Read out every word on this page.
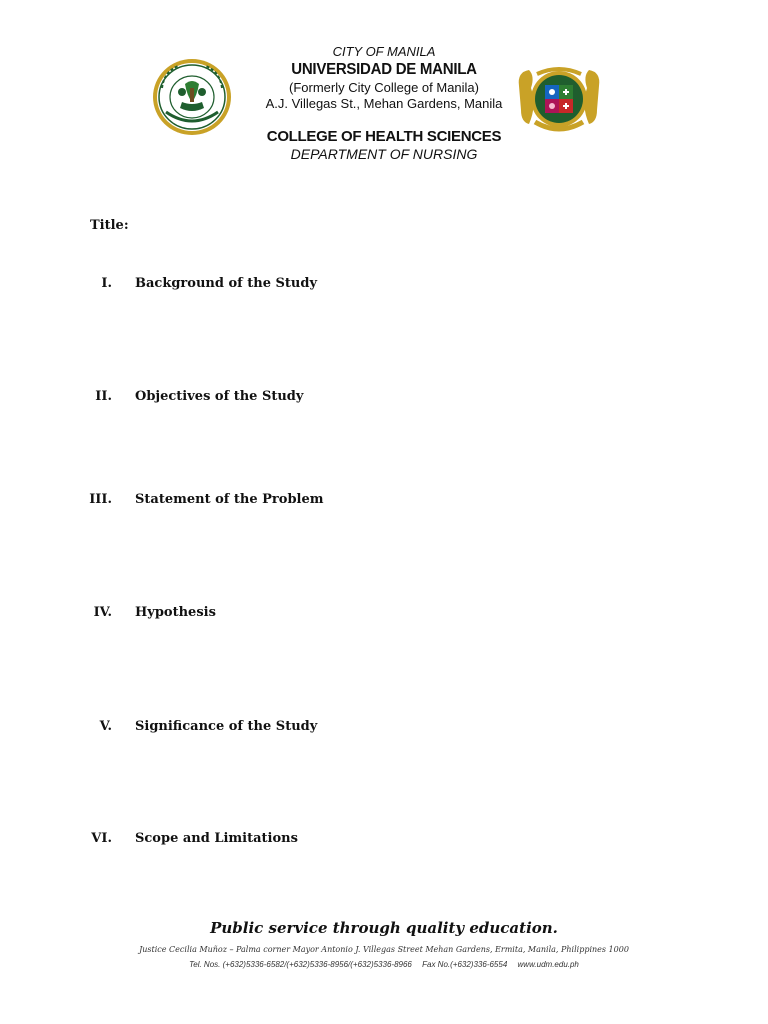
CITY OF MANILA
UNIVERSIDAD DE MANILA
(Formerly City College of Manila)
A.J. Villegas St., Mehan Gardens, Manila
COLLEGE OF HEALTH SCIENCES
DEPARTMENT OF NURSING
Title:
I. Background of the Study
II. Objectives of the Study
III. Statement of the Problem
IV. Hypothesis
V. Significance of the Study
VI. Scope and Limitations
Public service through quality education.
Justice Cecilia Muñoz – Palma corner Mayor Antonio J. Villegas Street Mehan Gardens, Ermita, Manila, Philippines 1000
Tel. Nos. (+632)5336-6582/(+632)5336-8956/(+632)5336-8966 Fax No.(+632)336-6554 www.udm.edu.ph
